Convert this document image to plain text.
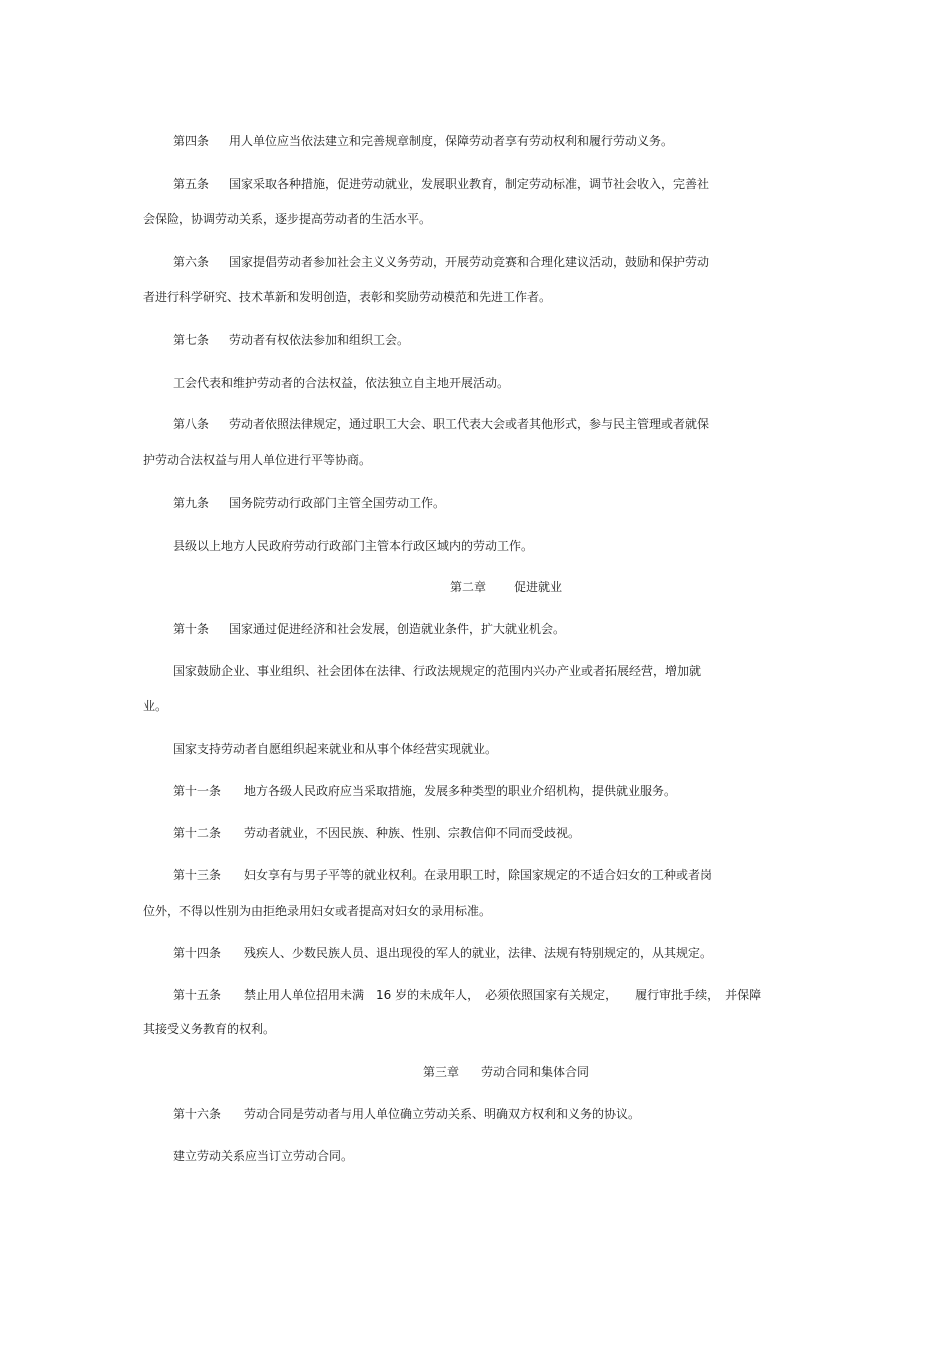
第四条 用人单位应当依法建立和完善规章制度，保障劳动者享有劳动权利和履行劳动义务。
第五条 国家采取各种措施，促进劳动就业，发展职业教育，制定劳动标准，调节社会收入，完善社
会保险，协调劳动关系，逐步提高劳动者的生活水平。
第六条 国家提倡劳动者参加社会主义义务劳动，开展劳动竞赛和合理化建议活动，鼓励和保护劳动
者进行科学研究、技术革新和发明创造，表彰和奖励劳动模范和先进工作者。
第七条 劳动者有权依法参加和组织工会。
工会代表和维护劳动者的合法权益，依法独立自主地开展活动。
第八条 劳动者依照法律规定，通过职工大会、职工代表大会或者其他形式，参与民主管理或者就保
护劳动合法权益与用人单位进行平等协商。
第九条 国务院劳动行政部门主管全国劳动工作。
县级以上地方人民政府劳动行政部门主管本行政区域内的劳动工作。
第二章 促进就业
第十条 国家通过促进经济和社会发展，创造就业条件，扩大就业机会。
国家鼓励企业、事业组织、社会团体在法律、行政法规规定的范围内兴办产业或者拓展经营，增加就
业。
国家支持劳动者自愿组织起来就业和从事个体经营实现就业。
第十一条 地方各级人民政府应当采取措施，发展多种类型的职业介绍机构，提供就业服务。
第十二条 劳动者就业，不因民族、种族、性别、宗教信仰不同而受歧视。
第十三条 妇女享有与男子平等的就业权利。在录用职工时，除国家规定的不适合妇女的工种或者岗
位外，不得以性别为由拒绝录用妇女或者提高对妇女的录用标准。
第十四条 残疾人、少数民族人员、退出现役的军人的就业，法律、法规有特别规定的，从其规定。
第十五条 禁止用人单位招用未满　16 岁的未成年人，　必须依照国家有关规定，　　履行审批手续，　并保障
其接受义务教育的权利。
第三章 劳动合同和集体合同
第十六条 劳动合同是劳动者与用人单位确立劳动关系、明确双方权利和义务的协议。
建立劳动关系应当订立劳动合同。
